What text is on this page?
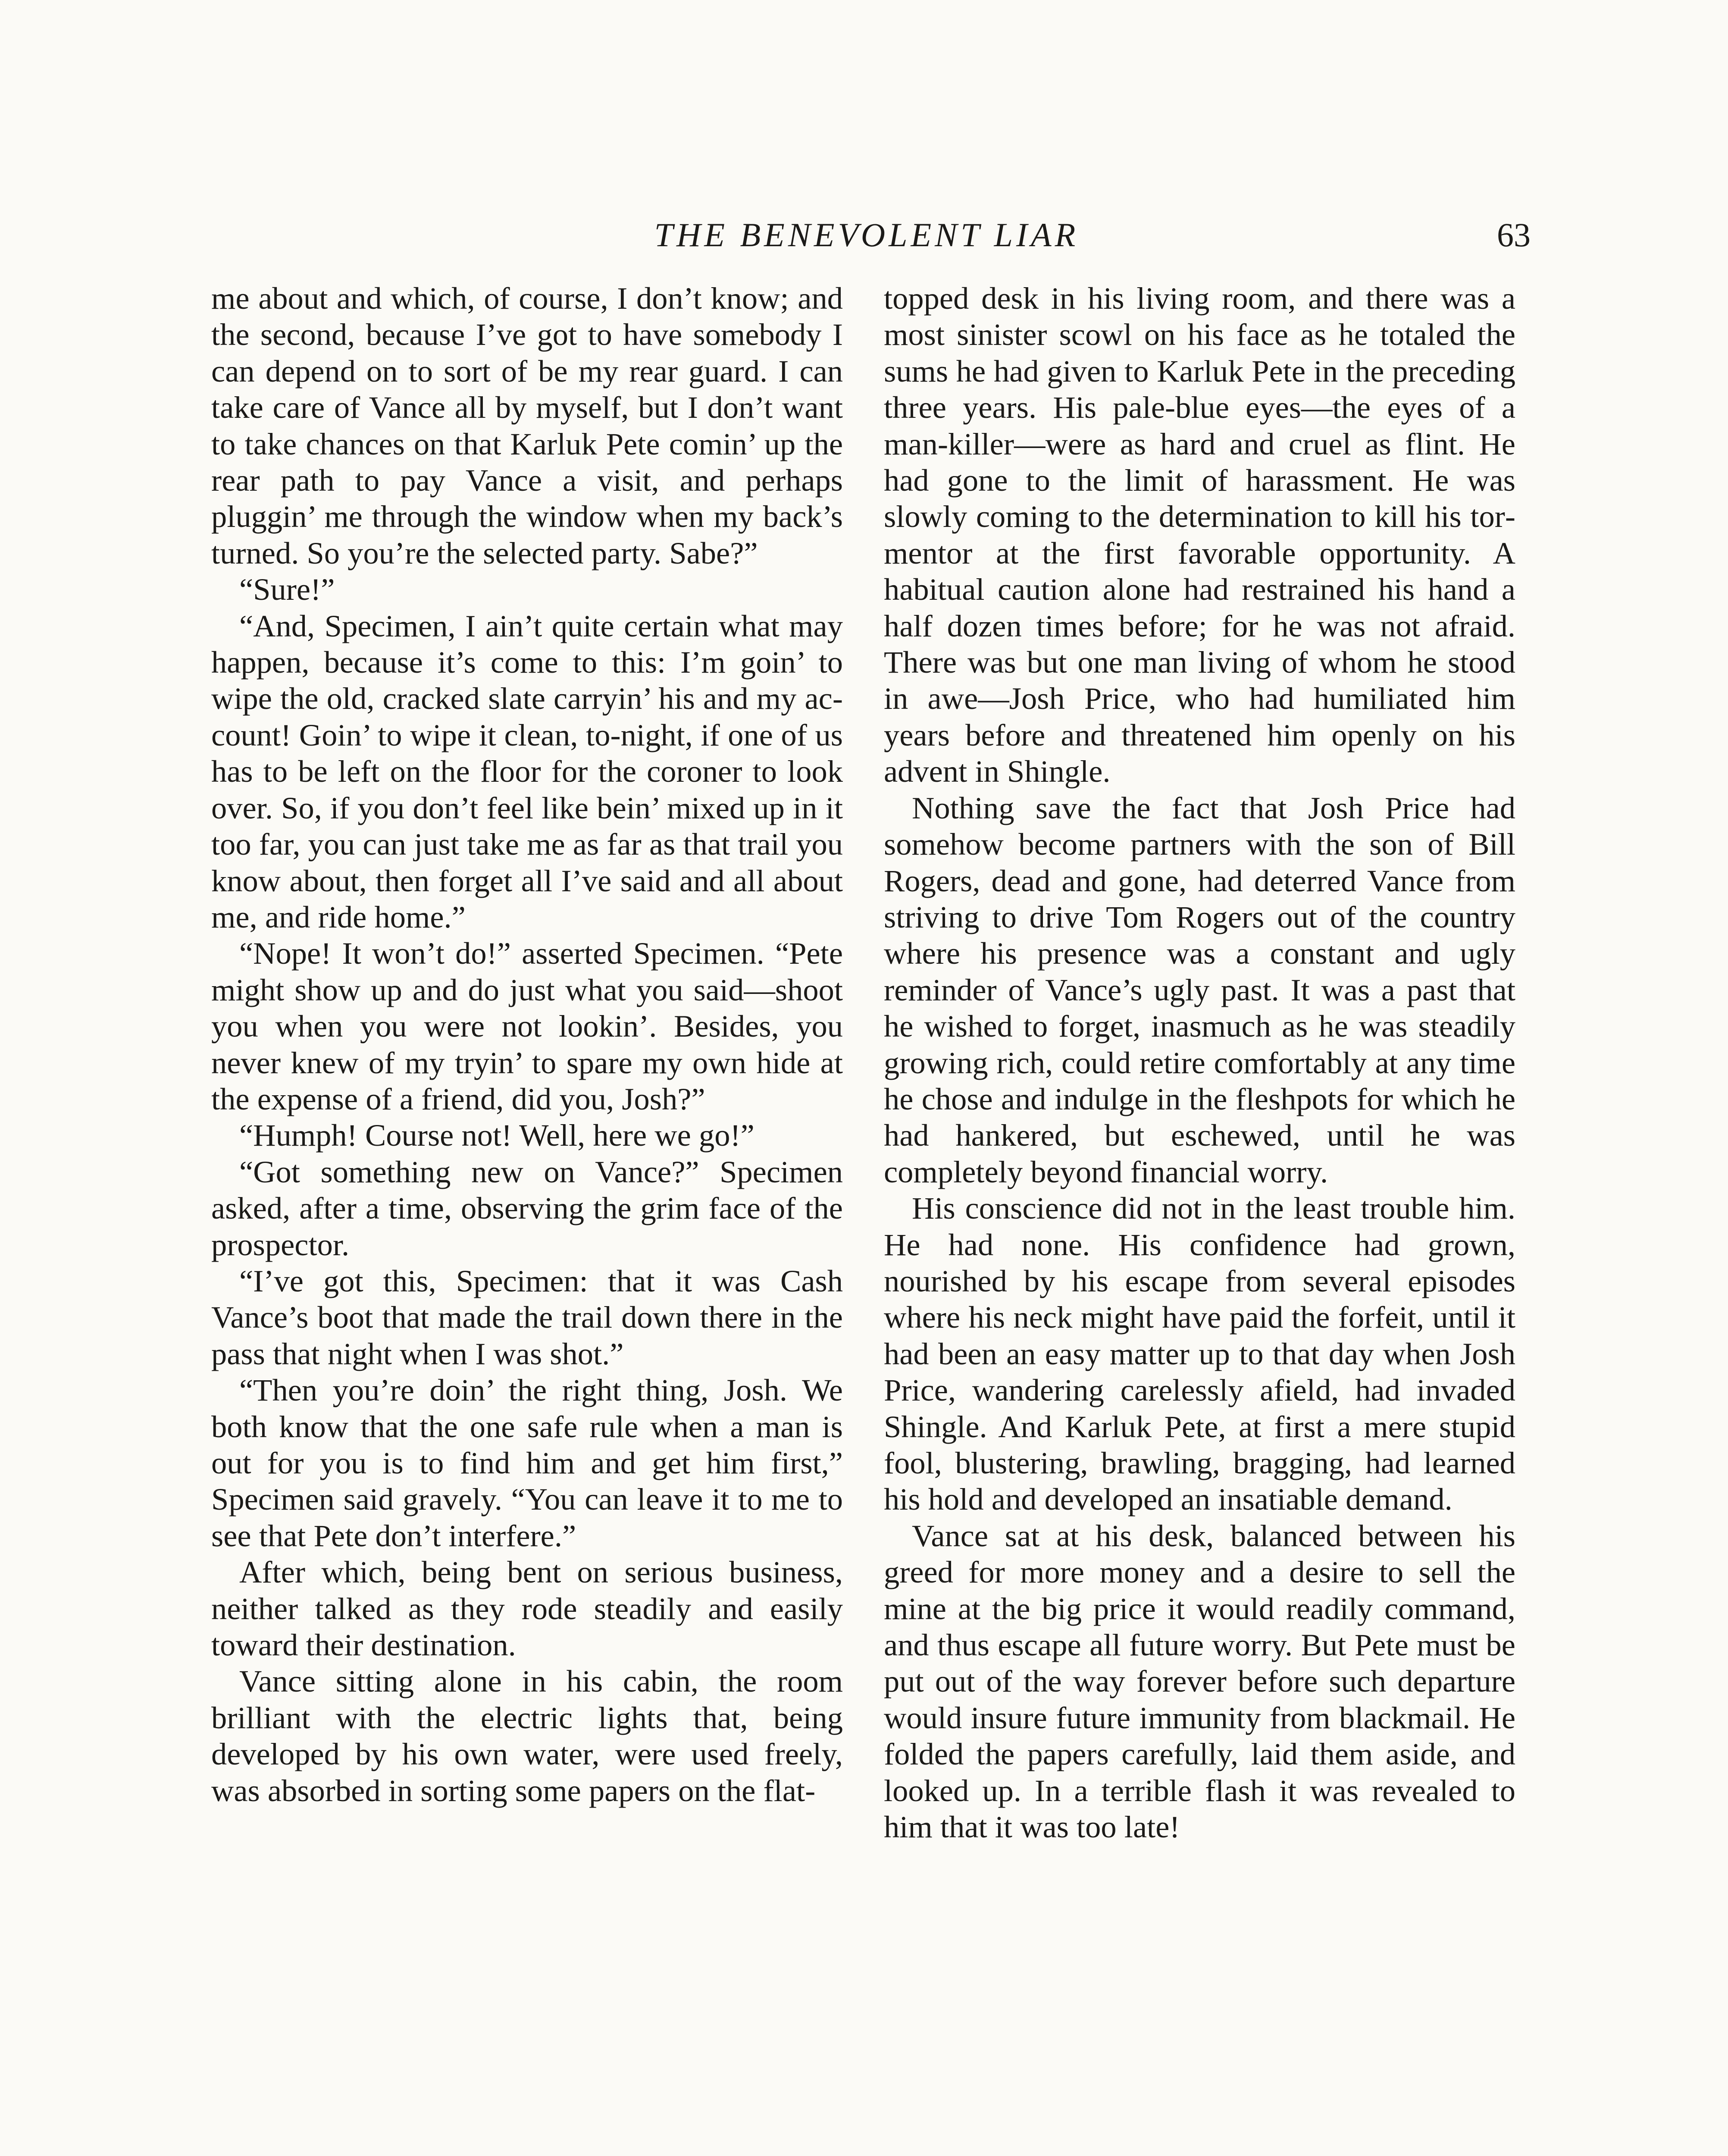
THE BENEVOLENT LIAR	63

me about and which, of course, I don’t know; and the second, because I’ve got to have somebody I can depend on to sort of be my rear guard. I can take care of Vance all by myself, but I don’t want to take chances on that Karluk Pete comin’ up the rear path to pay Vance a visit, and perhaps pluggin’ me through the window when my back’s turned. So you’re the selected party. Sabe?”

“Sure!”

“And, Specimen, I ain’t quite certain what may happen, because it’s come to this: I’m goin’ to wipe the old, cracked slate carryin’ his and my account! Goin’ to wipe it clean, to-night, if one of us has to be left on the floor for the coroner to look over. So, if you don’t feel like bein’ mixed up in it too far, you can just take me as far as that trail you know about, then forget all I’ve said and all about me, and ride home.”

“Nope! It won’t do!” asserted Specimen. “Pete might show up and do just what you said—shoot you when you were not lookin’. Besides, you never knew of my tryin’ to spare my own hide at the expense of a friend, did you, Josh?”

“Humph! Course not! Well, here we go!”

“Got something new on Vance?” Specimen asked, after a time, observing the grim face of the prospector.

“I’ve got this, Specimen: that it was Cash Vance’s boot that made the trail down there in the pass that night when I was shot.”

“Then you’re doin’ the right thing, Josh. We both know that the one safe rule when a man is out for you is to find him and get him first,” Specimen said gravely. “You can leave it to me to see that Pete don’t interfere.”

After which, being bent on serious business, neither talked as they rode steadily and easily toward their destination.

Vance sitting alone in his cabin, the room brilliant with the electric lights that, being developed by his own water, were used freely, was absorbed in sorting some papers on the flat-

topped desk in his living room, and there was a most sinister scowl on his face as he totaled the sums he had given to Karluk Pete in the preceding three years. His pale-blue eyes—the eyes of a man-killer—were as hard and cruel as flint. He had gone to the limit of harassment. He was slowly coming to the determination to kill his tormentor at the first favorable opportunity. A habitual caution alone had restrained his hand a half dozen times before; for he was not afraid. There was but one man living of whom he stood in awe—Josh Price, who had humiliated him years before and threatened him openly on his advent in Shingle.

Nothing save the fact that Josh Price had somehow become partners with the son of Bill Rogers, dead and gone, had deterred Vance from striving to drive Tom Rogers out of the country where his presence was a constant and ugly reminder of Vance’s ugly past. It was a past that he wished to forget, inasmuch as he was steadily growing rich, could retire comfortably at any time he chose and indulge in the fleshpots for which he had hankered, but eschewed, until he was completely beyond financial worry.

His conscience did not in the least trouble him. He had none. His confidence had grown, nourished by his escape from several episodes where his neck might have paid the forfeit, until it had been an easy matter up to that day when Josh Price, wandering carelessly afield, had invaded Shingle. And Karluk Pete, at first a mere stupid fool, blustering, brawling, bragging, had learned his hold and developed an insatiable demand.

Vance sat at his desk, balanced between his greed for more money and a desire to sell the mine at the big price it would readily command, and thus escape all future worry. But Pete must be put out of the way forever before such departure would insure future immunity from blackmail. He folded the papers carefully, laid them aside, and looked up. In a terrible flash it was revealed to him that it was too late!
